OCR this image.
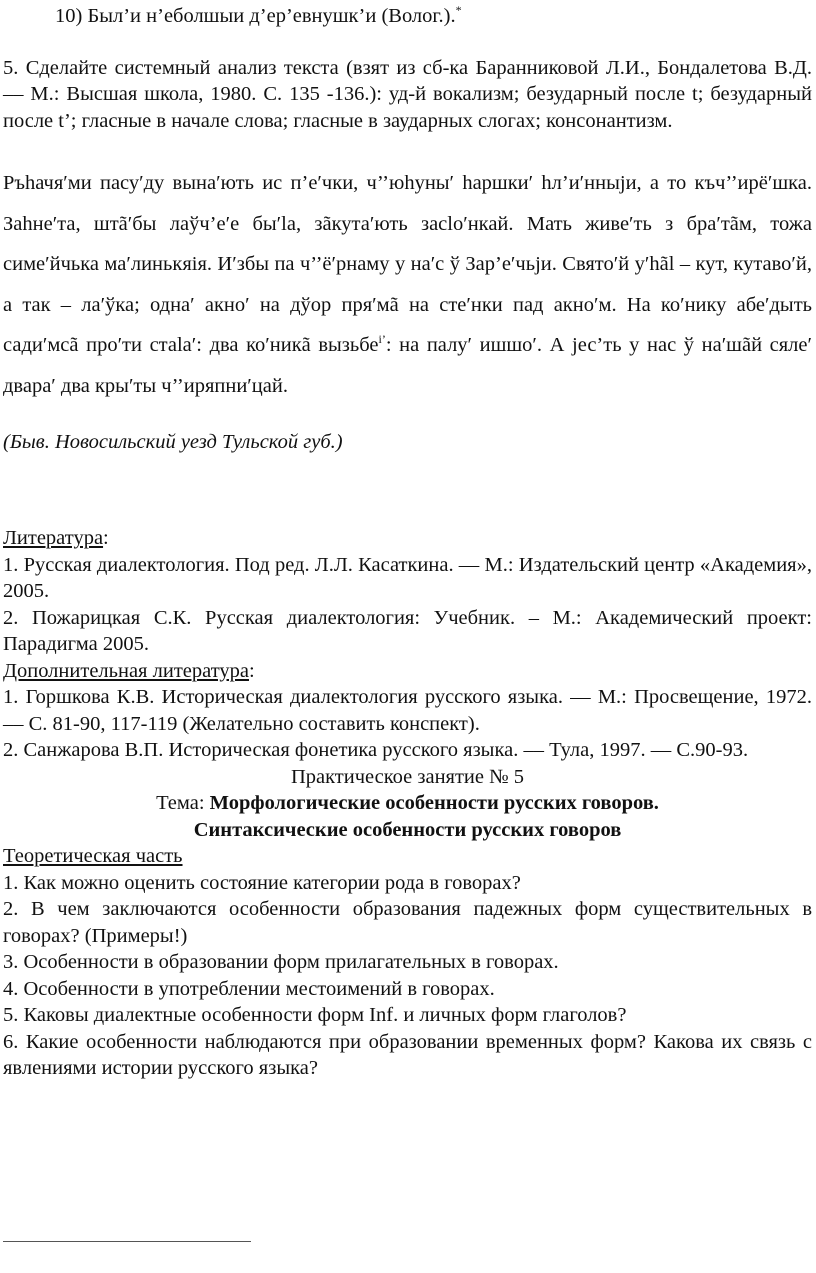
10) Был’и н’еболшыи д’ер’евнушк’и (Волог.).*

5. Сделайте системный анализ текста (взят из сб-ка Баранниковой Л.И., Бондалетова В.Д. –– М.: Высшая школа, 1980. С. 135 -136.): уд-й вокализм; безударный после t; безударный после t’; гласные в начале слова; гласные в заударных слогах; консонантизм.

Ръhачя′ми пасу′ду вына′ють ис п’е′чки, ч’’юhуны′ hаршки′ hл’и′нныjи, а то къч’’ирё′шка. Заhне′та, штã′бы лаўч’е′е бы′lа, зãкута′ють засlо′нкай. Мать живе′ть з бра′тãм, тожа симе′йчька ма′линькяiя. И′збы па ч’’ё′рнаму у на′с ў Зар’е′чьjи. Свято′й у′hãl – кут, кутаво′й, а так – ла′ўка; одна′ акно′ на дўор пря′мã на сте′нки пад акно′м. На ко′нику абе′дыть сади′мсã про′ти стаlа′: два ко′никã вызьбе$^{i’}$: на палу′ ишшо′. А jес’ть у нас ў на′шãй сяле′ двара′ два кры′ты ч’’иряпни′цай.

(Быв. Новосильский уезд Тульской губ.)

Литература:

1. Русская диалектология. Под ред. Л.Л. Касаткина. –– М.: Издательский центр «Академия», 2005.

2. Пожарицкая С.К. Русская диалектология: Учебник. – М.: Академический проект: Парадигма 2005.

Дополнительная литература:

1. Горшкова К.В. Историческая диалектология русского языка. –– М.: Просвещение, 1972. –– С. 81-90, 117-119 (Желательно составить конспект).

2. Санжарова В.П. Историческая фонетика русского языка. –– Тула, 1997. –– С.90-93.

Практическое занятие № 5

Тема: Морфологические особенности русских говоров.

Синтаксические особенности русских говоров

Теоретическая часть

1. Как можно оценить состояние категории рода в говорах?

2. В чем заключаются особенности образования падежных форм существительных в говорах? (Примеры!)

3. Особенности в образовании форм прилагательных в говорах.

4. Особенности в употреблении местоимений в говорах.

5. Каковы диалектные особенности форм Inf. и личных форм глаголов?

6. Какие особенности наблюдаются при образовании временных форм? Какова их связь с явлениями истории русского языка?
